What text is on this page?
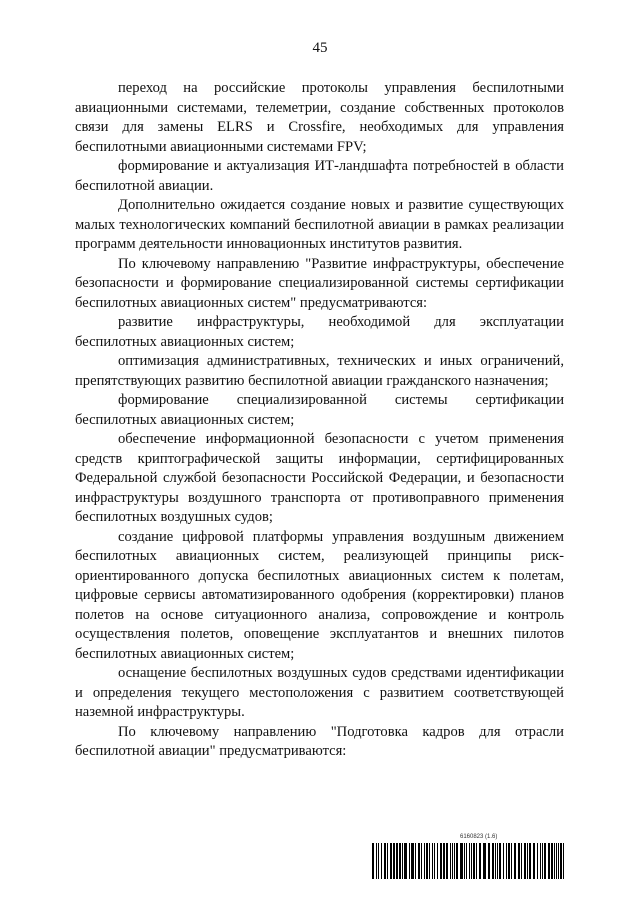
45

переход на российские протоколы управления беспилотными авиационными системами, телеметрии, создание собственных протоколов связи для замены ELRS и Crossfire, необходимых для управления беспилотными авиационными системами FPV;

формирование и актуализация ИТ-ландшафта потребностей в области беспилотной авиации.

Дополнительно ожидается создание новых и развитие существующих малых технологических компаний беспилотной авиации в рамках реализации программ деятельности инновационных институтов развития.

По ключевому направлению "Развитие инфраструктуры, обеспечение безопасности и формирование специализированной системы сертификации беспилотных авиационных систем" предусматриваются:

развитие инфраструктуры, необходимой для эксплуатации беспилотных авиационных систем;

оптимизация административных, технических и иных ограничений, препятствующих развитию беспилотной авиации гражданского назначения;

формирование специализированной системы сертификации беспилотных авиационных систем;

обеспечение информационной безопасности с учетом применения средств криптографической защиты информации, сертифицированных Федеральной службой безопасности Российской Федерации, и безопасности инфраструктуры воздушного транспорта от противоправного применения беспилотных воздушных судов;

создание цифровой платформы управления воздушным движением беспилотных авиационных систем, реализующей принципы риск-ориентированного допуска беспилотных авиационных систем к полетам, цифровые сервисы автоматизированного одобрения (корректировки) планов полетов на основе ситуационного анализа, сопровождение и контроль осуществления полетов, оповещение эксплуатантов и внешних пилотов беспилотных авиационных систем;

оснащение беспилотных воздушных судов средствами идентификации и определения текущего местоположения с развитием соответствующей наземной инфраструктуры.

По ключевому направлению "Подготовка кадров для отрасли беспилотной авиации" предусматриваются:

6160823 (1.6)
